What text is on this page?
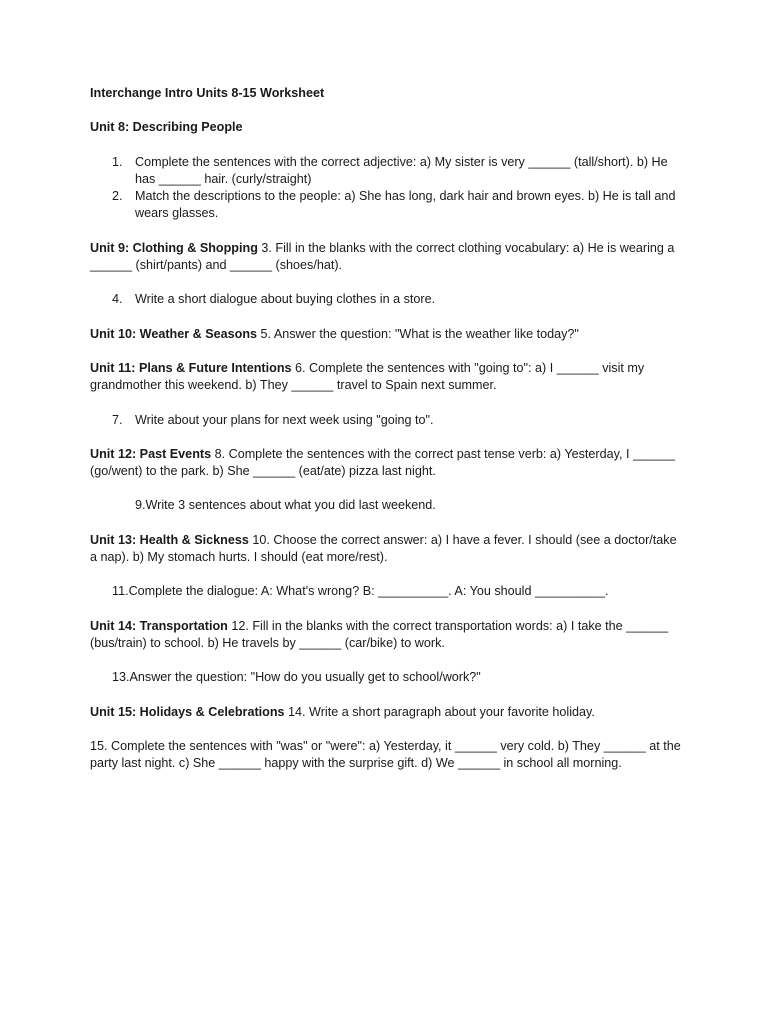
Interchange Intro Units 8-15 Worksheet

Unit 8: Describing People

1. Complete the sentences with the correct adjective: a) My sister is very ______ (tall/short). b) He has ______ hair. (curly/straight)
2. Match the descriptions to the people: a) She has long, dark hair and brown eyes. b) He is tall and wears glasses.

Unit 9: Clothing & Shopping 3. Fill in the blanks with the correct clothing vocabulary: a) He is wearing a ______ (shirt/pants) and ______ (shoes/hat).

4. Write a short dialogue about buying clothes in a store.

Unit 10: Weather & Seasons 5. Answer the question: "What is the weather like today?"

Unit 11: Plans & Future Intentions 6. Complete the sentences with "going to": a) I ______ visit my grandmother this weekend. b) They ______ travel to Spain next summer.

7. Write about your plans for next week using "going to".

Unit 12: Past Events 8. Complete the sentences with the correct past tense verb: a) Yesterday, I ______ (go/went) to the park. b) She ______ (eat/ate) pizza last night.

9.Write 3 sentences about what you did last weekend.

Unit 13: Health & Sickness 10. Choose the correct answer: a) I have a fever. I should (see a doctor/take a nap). b) My stomach hurts. I should (eat more/rest).

11.Complete the dialogue: A: What's wrong? B: __________. A: You should __________.

Unit 14: Transportation 12. Fill in the blanks with the correct transportation words: a) I take the ______ (bus/train) to school. b) He travels by ______ (car/bike) to work.

13.Answer the question: "How do you usually get to school/work?"

Unit 15: Holidays & Celebrations 14. Write a short paragraph about your favorite holiday.

15. Complete the sentences with "was" or "were": a) Yesterday, it ______ very cold. b) They ______ at the party last night. c) She ______ happy with the surprise gift. d) We ______ in school all morning.
